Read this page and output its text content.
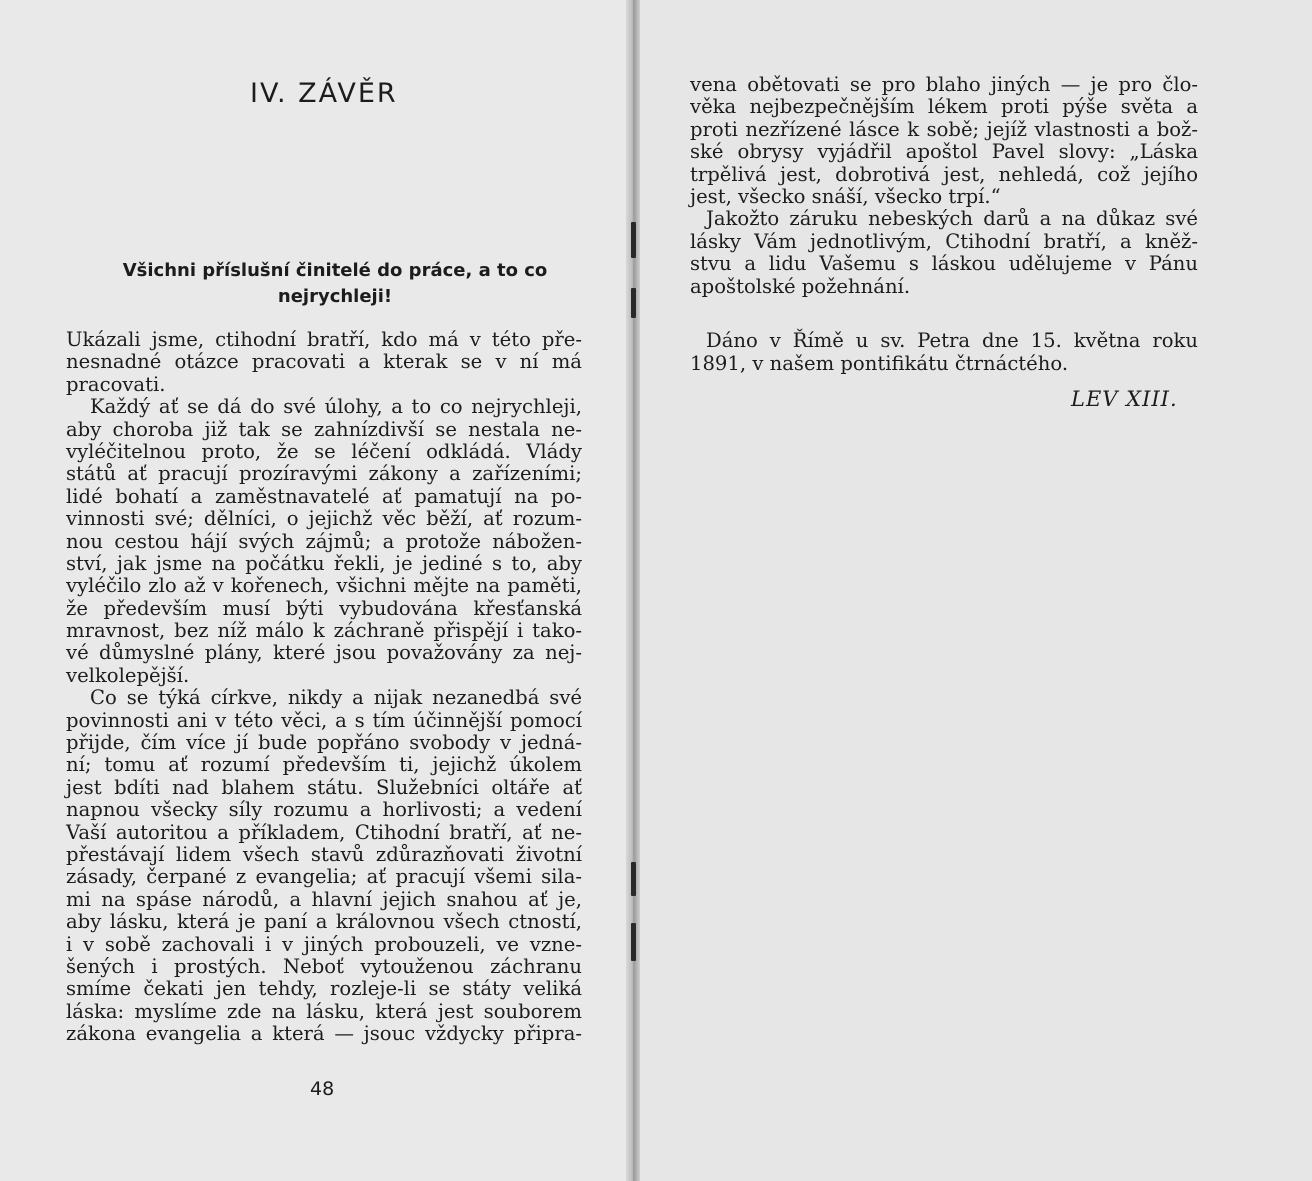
IV. ZÁVĚR
Všichni příslušní činitelé do práce, a to co nejrychleji!
Ukázali jsme, ctihodní bratří, kdo má v této pře-
nesnadné otázce pracovati a kterak se v ní má
pracovati.
Každý ať se dá do své úlohy, a to co nejrychleji,
aby choroba již tak se zahnízdivší se nestala ne-
vyléčitelnou proto, že se léčení odkládá. Vlády
států ať pracují prozíravými zákony a zařízeními;
lidé bohatí a zaměstnavatelé ať pamatují na po-
vinnosti své; dělníci, o jejichž věc běží, ať rozum-
nou cestou hájí svých zájmů; a protože nábožen-
ství, jak jsme na počátku řekli, je jediné s to, aby
vyléčilo zlo až v kořenech, všichni mějte na paměti,
že především musí býti vybudována křesťanská
mravnost, bez níž málo k záchraně přispějí i tako-
vé důmyslné plány, které jsou považovány za nej-
velkolepější.
Co se týká církve, nikdy a nijak nezanedbá své
povinnosti ani v této věci, a s tím účinnější pomocí
přijde, čím více jí bude popřáno svobody v jedná-
ní; tomu ať rozumí především ti, jejichž úkolem
jest bdíti nad blahem státu. Služebníci oltáře ať
napnou všecky síly rozumu a horlivosti; a vedení
Vaší autoritou a příkladem, Ctihodní bratří, ať ne-
přestávají lidem všech stavů zdůrazňovati životní
zásady, čerpané z evangelia; ať pracují všemi sila-
mi na spáse národů, a hlavní jejich snahou ať je,
aby lásku, která je paní a královnou všech ctností,
i v sobě zachovali i v jiných probouzeli, ve vzne-
šených i prostých. Neboť vytouženou záchranu
smíme čekati jen tehdy, rozleje-li se státy veliká
láska: myslíme zde na lásku, která jest souborem
zákona evangelia a která — jsouc vždycky připra-
48
vena obětovati se pro blaho jiných — je pro člo-
věka nejbezpečnějším lékem proti pýše světa a
proti nezřízené lásce k sobě; jejíž vlastnosti a bož-
ské obrysy vyjádřil apoštol Pavel slovy: „Láska
trpělivá jest, dobrotivá jest, nehledá, což jejího
jest, všecko snáší, všecko trpí.“
Jakožto záruku nebeských darů a na důkaz své
lásky Vám jednotlivým, Ctihodní bratří, a kněž-
stvu a lidu Vašemu s láskou udělujeme v Pánu
apoštolské požehnání.
Dáno v Římě u sv. Petra dne 15. května roku
1891, v našem pontifikátu čtrnáctého.
LEV XIII.
